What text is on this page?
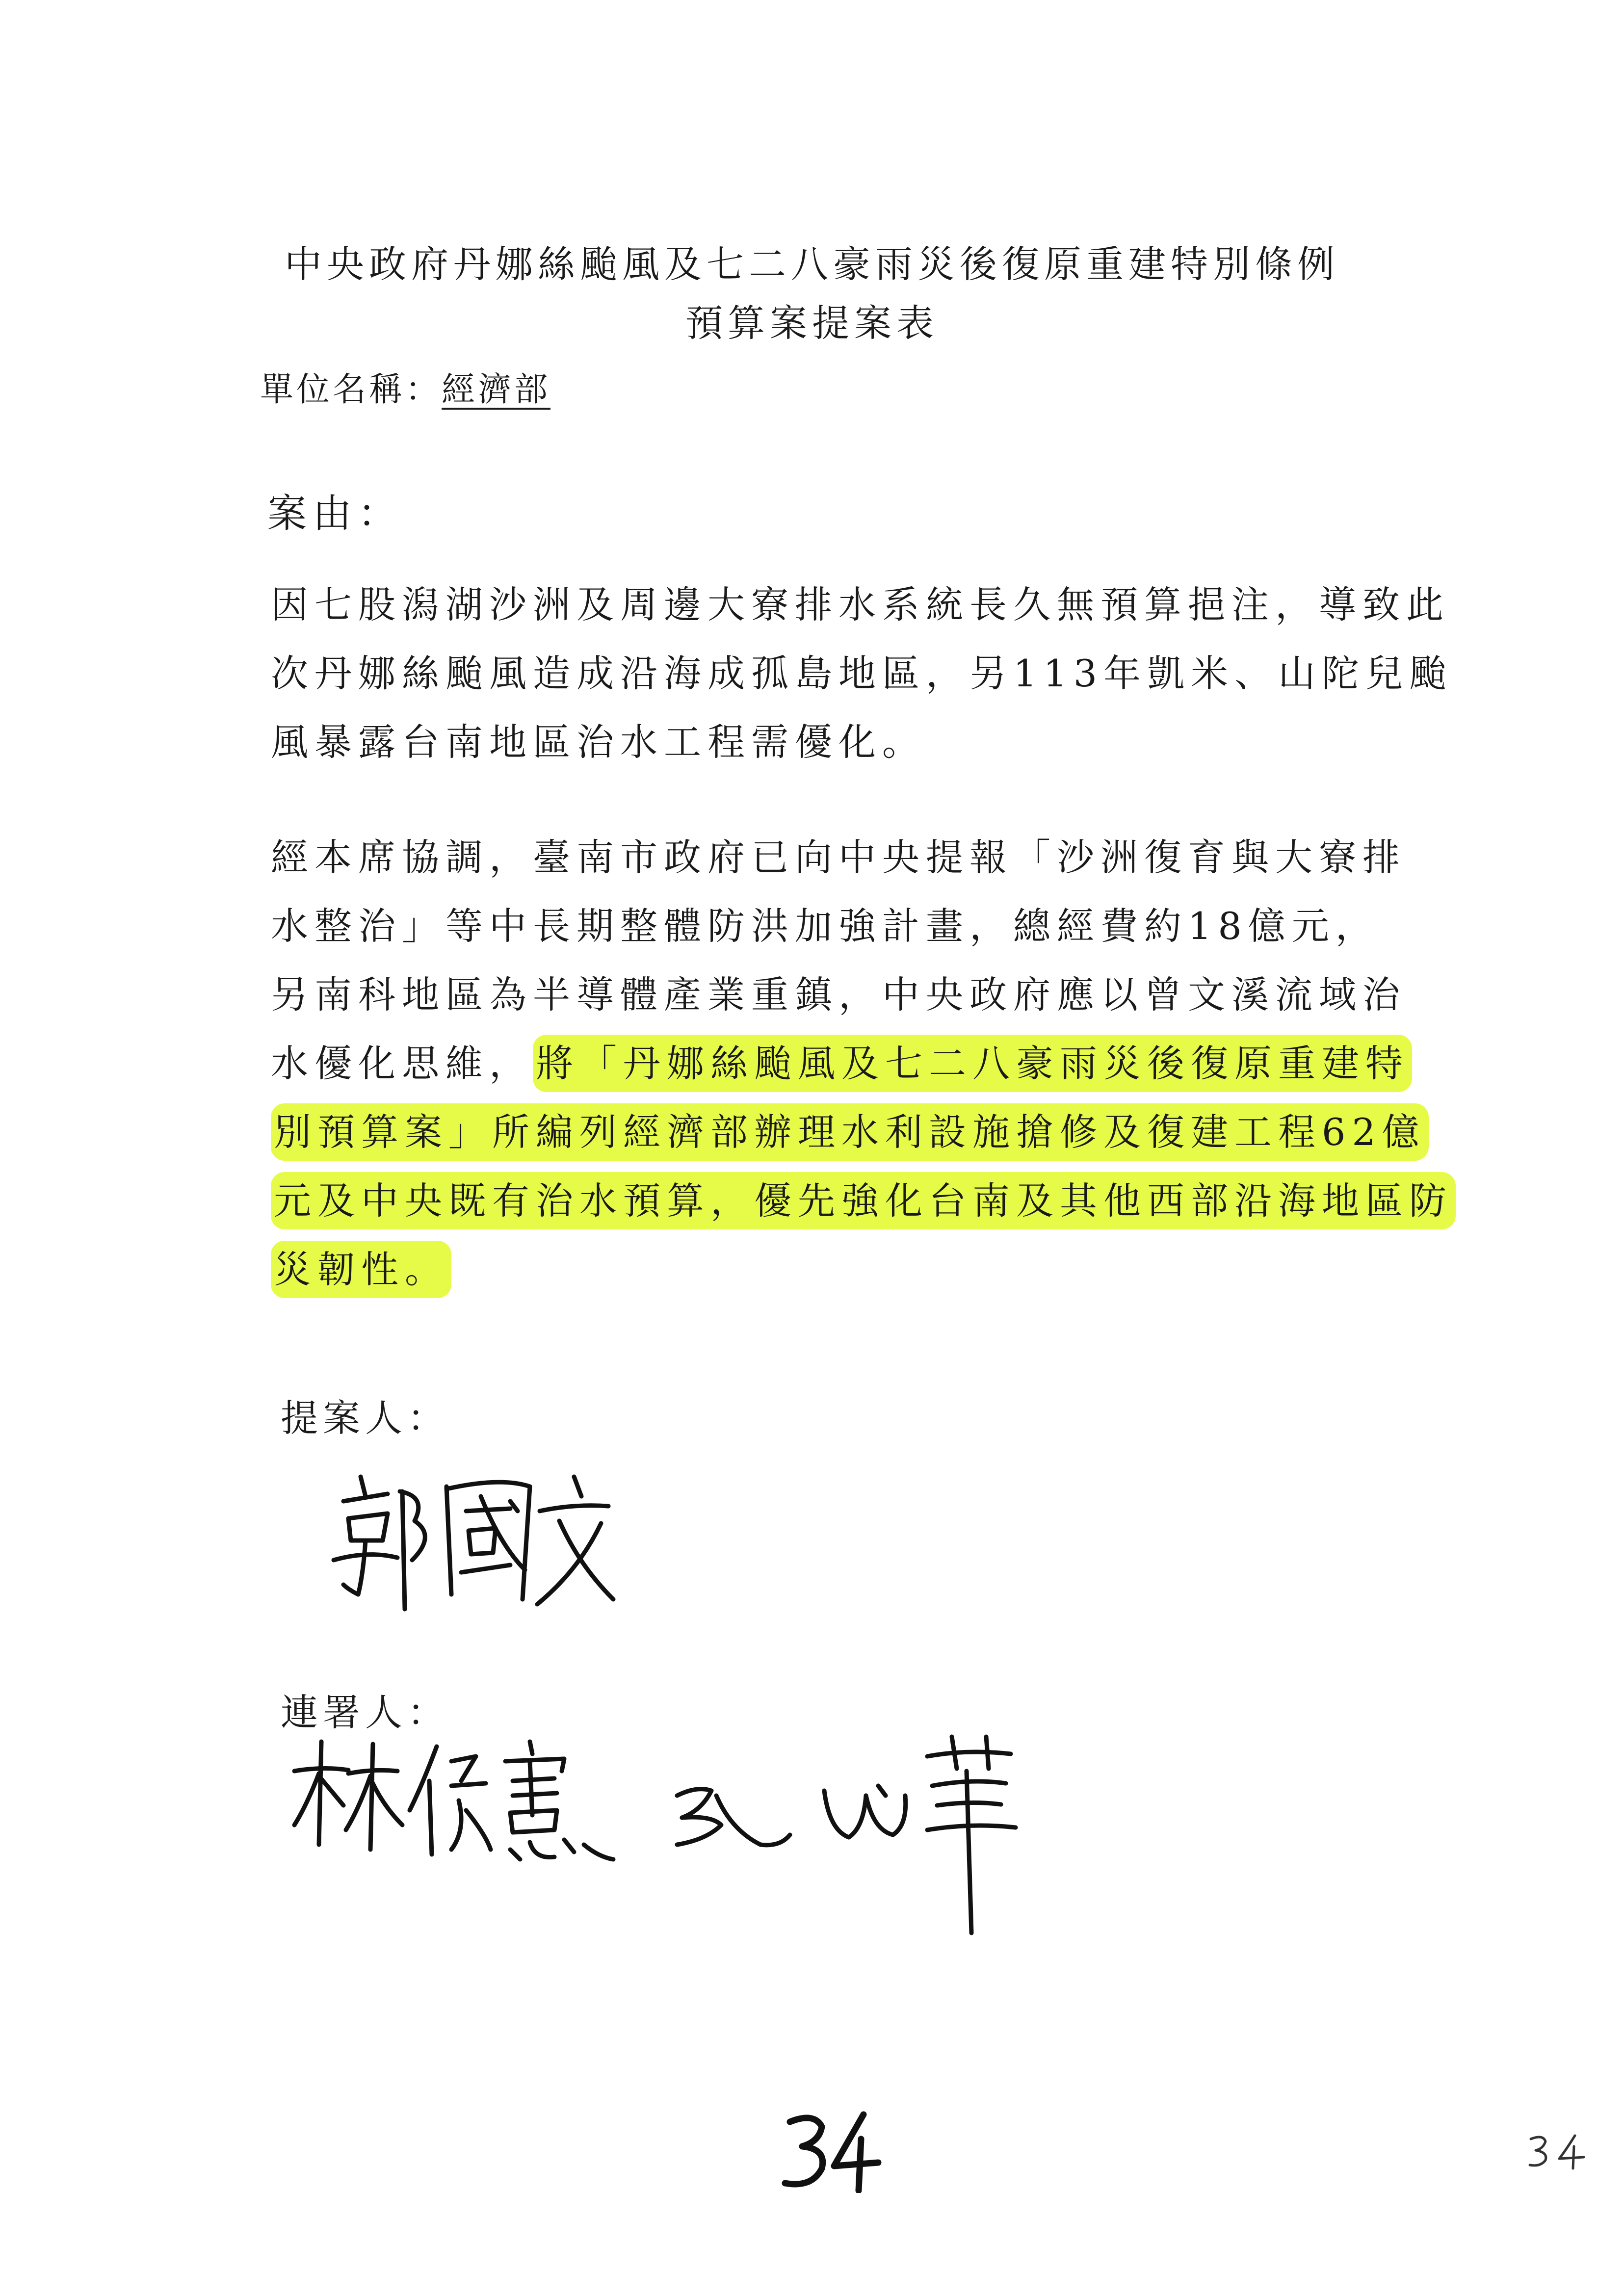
中央政府丹娜絲颱風及七二八豪雨災後復原重建特別條例
預算案提案表
單位名稱：經濟部
案由：
因七股潟湖沙洲及周邊大寮排水系統長久無預算挹注，導致此
次丹娜絲颱風造成沿海成孤島地區，另113年凱米、山陀兒颱
風暴露台南地區治水工程需優化。
經本席協調，臺南市政府已向中央提報「沙洲復育與大寮排
水整治」等中長期整體防洪加強計畫，總經費約18億元，
另南科地區為半導體產業重鎮，中央政府應以曾文溪流域治
水優化思維，將「丹娜絲颱風及七二八豪雨災後復原重建特
別預算案」所編列經濟部辦理水利設施搶修及復建工程62億
元及中央既有治水預算，優先強化台南及其他西部沿海地區防
災韌性。
提案人：
連署人：
